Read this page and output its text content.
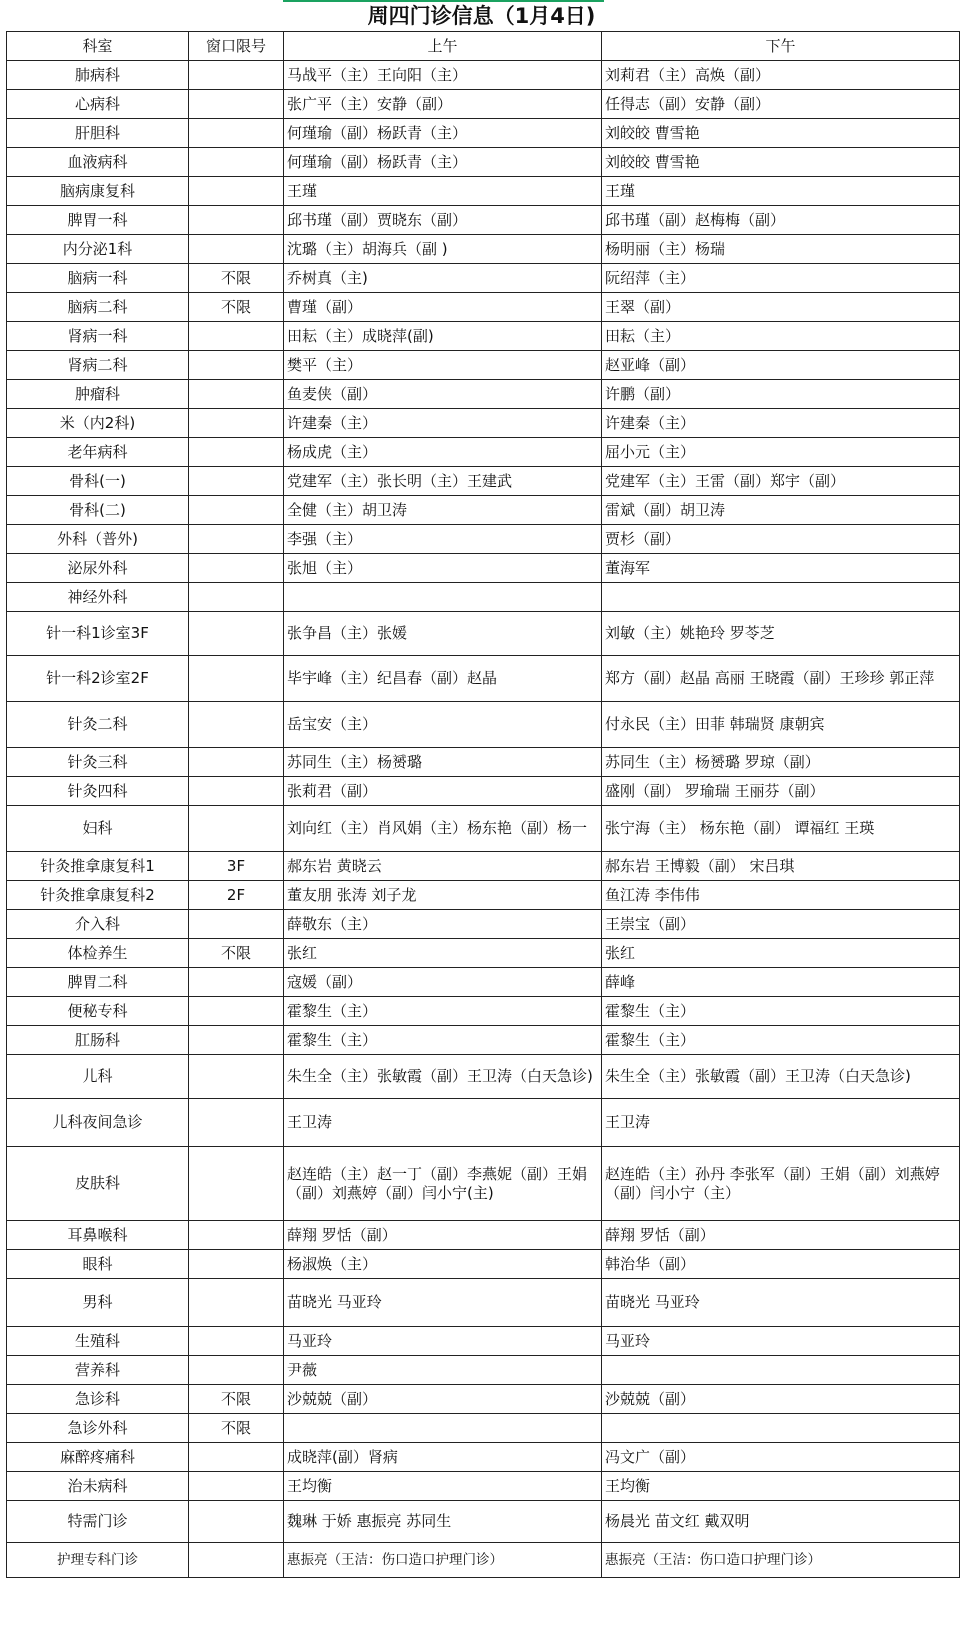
周四门诊信息（1月4日)
科室	窗口限号	上午	下午
肺病科		马战平（主）王向阳（主）	刘莉君（主）高焕（副）
心病科		张广平（主）安静（副）	任得志（副）安静（副）
肝胆科		何瑾瑜（副）杨跃青（主）	刘皎皎 曹雪艳
血液病科		何瑾瑜（副）杨跃青（主）	刘皎皎 曹雪艳
脑病康复科		王瑾	王瑾
脾胃一科		邱书瑾（副）贾晓东（副）	邱书瑾（副）赵梅梅（副）
内分泌1科		沈璐（主）胡海兵（副 )	杨明丽（主）杨瑞
脑病一科	不限	乔树真（主)	阮绍萍（主）
脑病二科	不限	曹瑾（副）	王翠（副）
肾病一科		田耘（主）成晓萍(副)	田耘（主）
肾病二科		樊平（主）	赵亚峰（副）
肿瘤科		鱼麦侠（副）	许鹏（副）
米（内2科)		许建秦（主）	许建秦（主）
老年病科		杨成虎（主）	屈小元（主）
骨科(一)		党建军（主）张长明（主）王建武	党建军（主）王雷（副）郑宇（副）
骨科(二)		全健（主）胡卫涛	雷斌（副）胡卫涛
外科（普外)		李强（主）	贾杉（副）
泌尿外科		张旭（主）	董海军
神经外科			
针一科1诊室3F		张争昌（主）张媛	刘敏（主）姚艳玲 罗苓芝
针一科2诊室2F		毕宇峰（主）纪昌春（副）赵晶	郑方（副）赵晶 高丽 王晓霞（副）王珍珍 郭正萍
针灸二科		岳宝安（主）	付永民（主）田菲 韩瑞贤 康朝宾
针灸三科		苏同生（主）杨赟璐	苏同生（主）杨赟璐 罗琼（副）
针灸四科		张莉君（副）	盛刚（副） 罗瑜瑞 王丽芬（副）
妇科		刘向红（主）肖风娟（主）杨东艳（副）杨一	张宁海（主） 杨东艳（副） 谭福红 王瑛
针灸推拿康复科1	3F	郝东岩 黄晓云	郝东岩 王博毅（副） 宋吕琪
针灸推拿康复科2	2F	董友朋 张涛 刘子龙	鱼江涛 李伟伟
介入科		薛敬东（主）	王崇宝（副）
体检养生	不限	张红	张红
脾胃二科		寇媛（副）	薛峰
便秘专科		霍黎生（主）	霍黎生（主）
肛肠科		霍黎生（主）	霍黎生（主）
儿科		朱生全（主）张敏霞（副）王卫涛（白天急诊)	朱生全（主）张敏霞（副）王卫涛（白天急诊)
儿科夜间急诊		王卫涛	王卫涛
皮肤科		赵连皓（主）赵一丁（副）李燕妮（副）王娟（副）刘燕婷（副）闫小宁(主)	赵连皓（主）孙丹 李张军（副）王娟（副）刘燕婷（副）闫小宁（主）
耳鼻喉科		薛翔 罗恬（副）	薛翔 罗恬（副）
眼科		杨淑焕（主）	韩治华（副）
男科		苗晓光 马亚玲	苗晓光 马亚玲
生殖科		马亚玲	马亚玲
营养科		尹薇	
急诊科	不限	沙兢兢（副）	沙兢兢（副）
急诊外科	不限		
麻醉疼痛科		成晓萍(副）肾病	冯文广（副）
治未病科		王均衡	王均衡
特需门诊		魏琳 于娇 惠振亮 苏同生	杨晨光 苗文红 戴双明
护理专科门诊		惠振亮（王洁：伤口造口护理门诊）	惠振亮（王洁：伤口造口护理门诊）
